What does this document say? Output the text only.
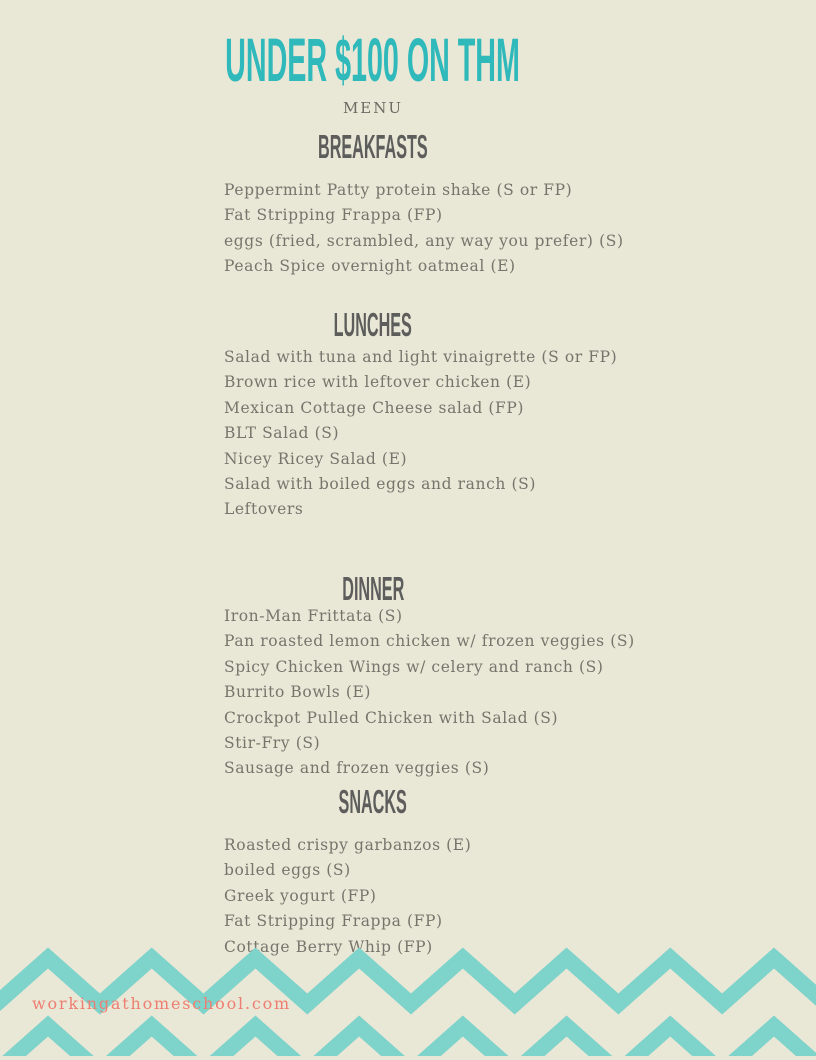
UNDER $100 ON THM
MENU
BREAKFASTS
Peppermint Patty protein shake (S or FP)
Fat Stripping Frappa (FP)
eggs (fried, scrambled, any way you prefer) (S)
Peach Spice overnight oatmeal (E)
LUNCHES
Salad with tuna and light vinaigrette (S or FP)
Brown rice with leftover chicken (E)
Mexican Cottage Cheese salad (FP)
BLT Salad (S)
Nicey Ricey Salad (E)
Salad with boiled eggs and ranch (S)
Leftovers
DINNER
Iron-Man Frittata (S)
Pan roasted lemon chicken w/ frozen veggies (S)
Spicy Chicken Wings w/ celery and ranch (S)
Burrito Bowls (E)
Crockpot Pulled Chicken with Salad (S)
Stir-Fry (S)
Sausage and frozen veggies (S)
SNACKS
Roasted crispy garbanzos (E)
boiled eggs (S)
Greek yogurt (FP)
Fat Stripping Frappa (FP)
Cottage Berry Whip (FP)
workingathomeschool.com
